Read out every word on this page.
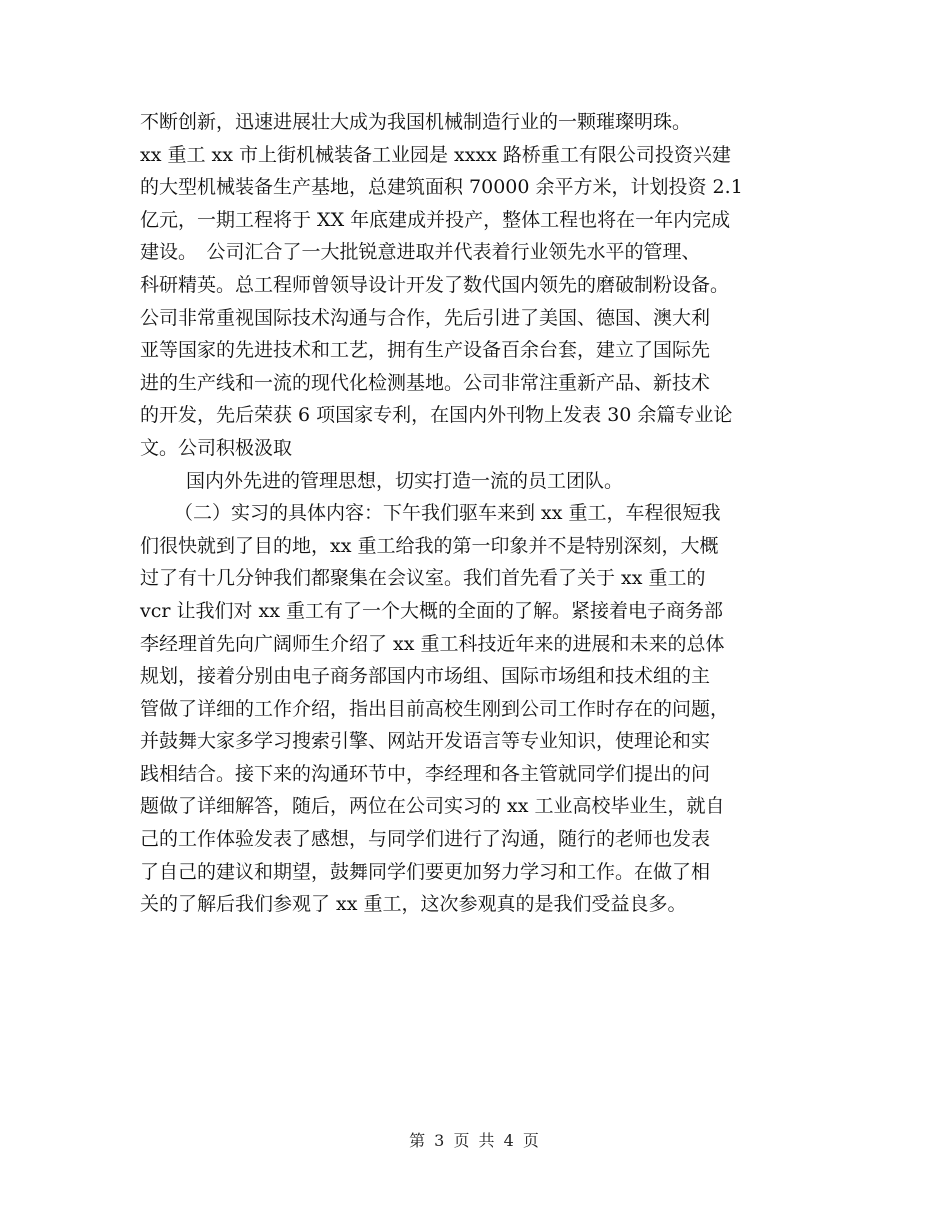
不断创新，迅速进展壮大成为我国机械制造行业的一颗璀璨明珠。
xx 重工 xx 市上街机械装备工业园是 xxxx 路桥重工有限公司投资兴建
的大型机械装备生产基地，总建筑面积 70000 余平方米，计划投资 2.1
亿元，一期工程将于 XX 年底建成并投产，整体工程也将在一年内完成
建设。　公司汇合了一大批锐意进取并代表着行业领先水平的管理、
科研精英。总工程师曾领导设计开发了数代国内领先的磨破制粉设备。
公司非常重视国际技术沟通与合作，先后引进了美国、德国、澳大利
亚等国家的先进技术和工艺，拥有生产设备百余台套，建立了国际先
进的生产线和一流的现代化检测基地。公司非常注重新产品、新技术
的开发，先后荣获 6 项国家专利，在国内外刊物上发表 30 余篇专业论
文。公司积极汲取
国内外先进的管理思想，切实打造一流的员工团队。
（二）实习的具体内容：下午我们驱车来到 xx 重工，车程很短我
们很快就到了目的地，xx 重工给我的第一印象并不是特别深刻，大概
过了有十几分钟我们都聚集在会议室。我们首先看了关于 xx 重工的
vcr 让我们对 xx 重工有了一个大概的全面的了解。紧接着电子商务部
李经理首先向广阔师生介绍了 xx 重工科技近年来的进展和未来的总体
规划，接着分别由电子商务部国内市场组、国际市场组和技术组的主
管做了详细的工作介绍，指出目前高校生刚到公司工作时存在的问题，
并鼓舞大家多学习搜索引擎、网站开发语言等专业知识，使理论和实
践相结合。接下来的沟通环节中，李经理和各主管就同学们提出的问
题做了详细解答，随后，两位在公司实习的 xx 工业高校毕业生，就自
己的工作体验发表了感想，与同学们进行了沟通，随行的老师也发表
了自己的建议和期望，鼓舞同学们要更加努力学习和工作。在做了相
关的了解后我们参观了 xx 重工，这次参观真的是我们受益良多。
第 3 页 共 4 页
